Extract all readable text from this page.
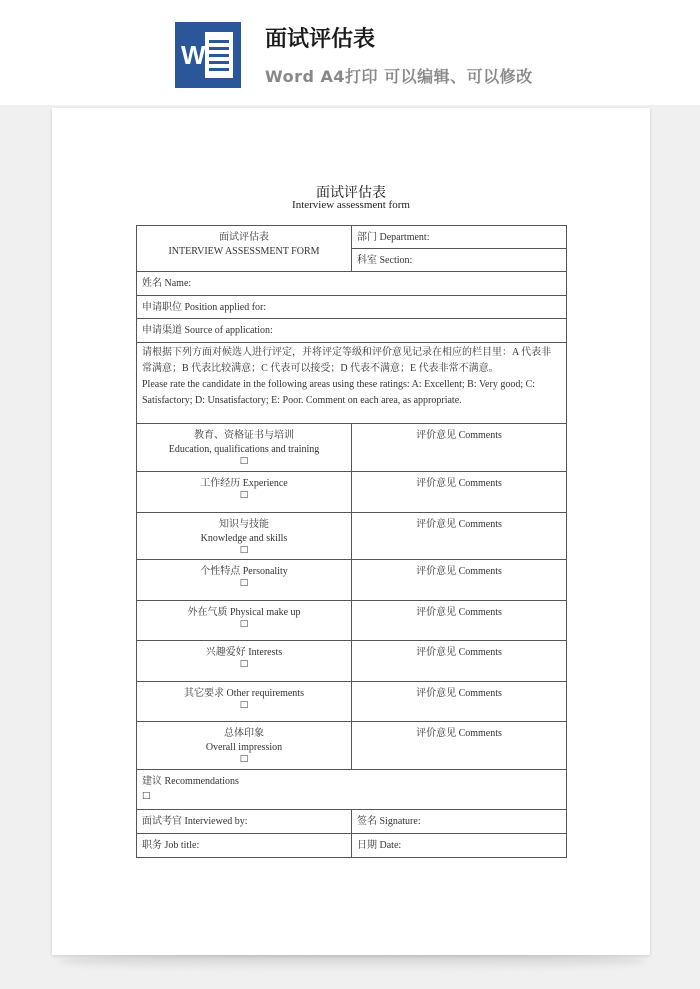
W
面试评估表
Word A4打印 可以编辑、可以修改
面试评估表
Interview assessment form
面试评估表
INTERVIEW ASSESSMENT FORM	部门 Department:
	科室 Section:
姓名 Name:	
申请职位 Position applied for:	
申请渠道 Source of application:	
请根据下列方面对候选人进行评定，并将评定等级和评价意见记录在相应的栏目里：A 代表非常满意；B 代表比较满意；C 代表可以接受；D 代表不满意；E 代表非常不满意。
Please rate the candidate in the following areas using these ratings: A: Excellent; B: Very good; C: Satisfactory; D: Unsatisfactory; E: Poor. Comment on each area, as appropriate.	

教育、资格证书与培训
Education, qualifications and training
□	评价意见 Comments

工作经历 Experience
□	评价意见 Comments

知识与技能
Knowledge and skills
□	评价意见 Comments

个性特点 Personality
□	评价意见 Comments

外在气质 Physical make up
□	评价意见 Comments

兴趣爱好 Interests
□	评价意见 Comments

其它要求 Other requirements
□	评价意见 Comments

总体印象
Overall impression
□	评价意见 Comments

建议 Recommendations
□	

面试考官 Interviewed by:	签名 Signature:
职务 Job title:	日期 Date:
